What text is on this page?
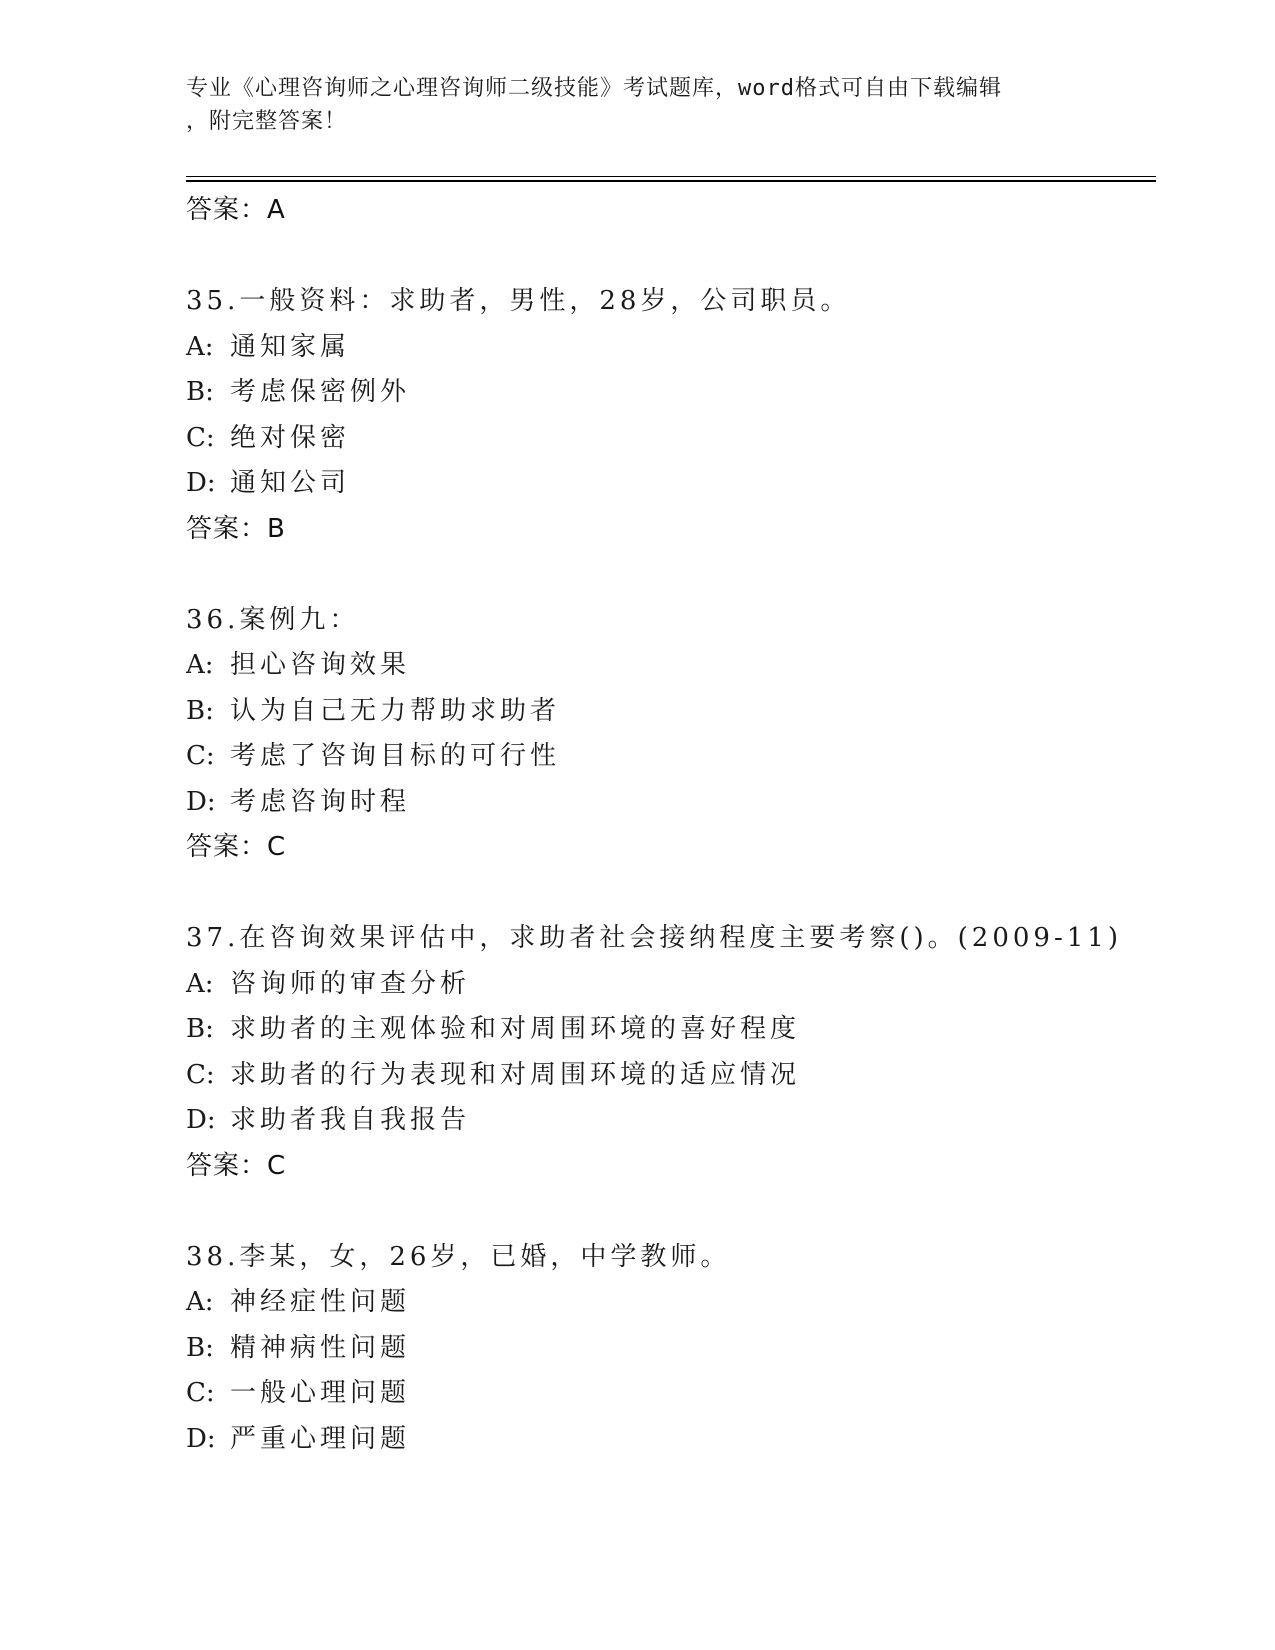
专业《心理咨询师之心理咨询师二级技能》考试题库，word格式可自由下载编辑
，附完整答案！
答案：A
35.一般资料：求助者，男性，28岁，公司职员。
A: 通知家属
B: 考虑保密例外
C: 绝对保密
D: 通知公司
答案：B
36.案例九：
A: 担心咨询效果
B: 认为自己无力帮助求助者
C: 考虑了咨询目标的可行性
D: 考虑咨询时程
答案：C
37.在咨询效果评估中，求助者社会接纳程度主要考察()。(2009-11)
A: 咨询师的审查分析
B: 求助者的主观体验和对周围环境的喜好程度
C: 求助者的行为表现和对周围环境的适应情况
D: 求助者我自我报告
答案：C
38.李某，女，26岁，已婚，中学教师。
A: 神经症性问题
B: 精神病性问题
C: 一般心理问题
D: 严重心理问题
